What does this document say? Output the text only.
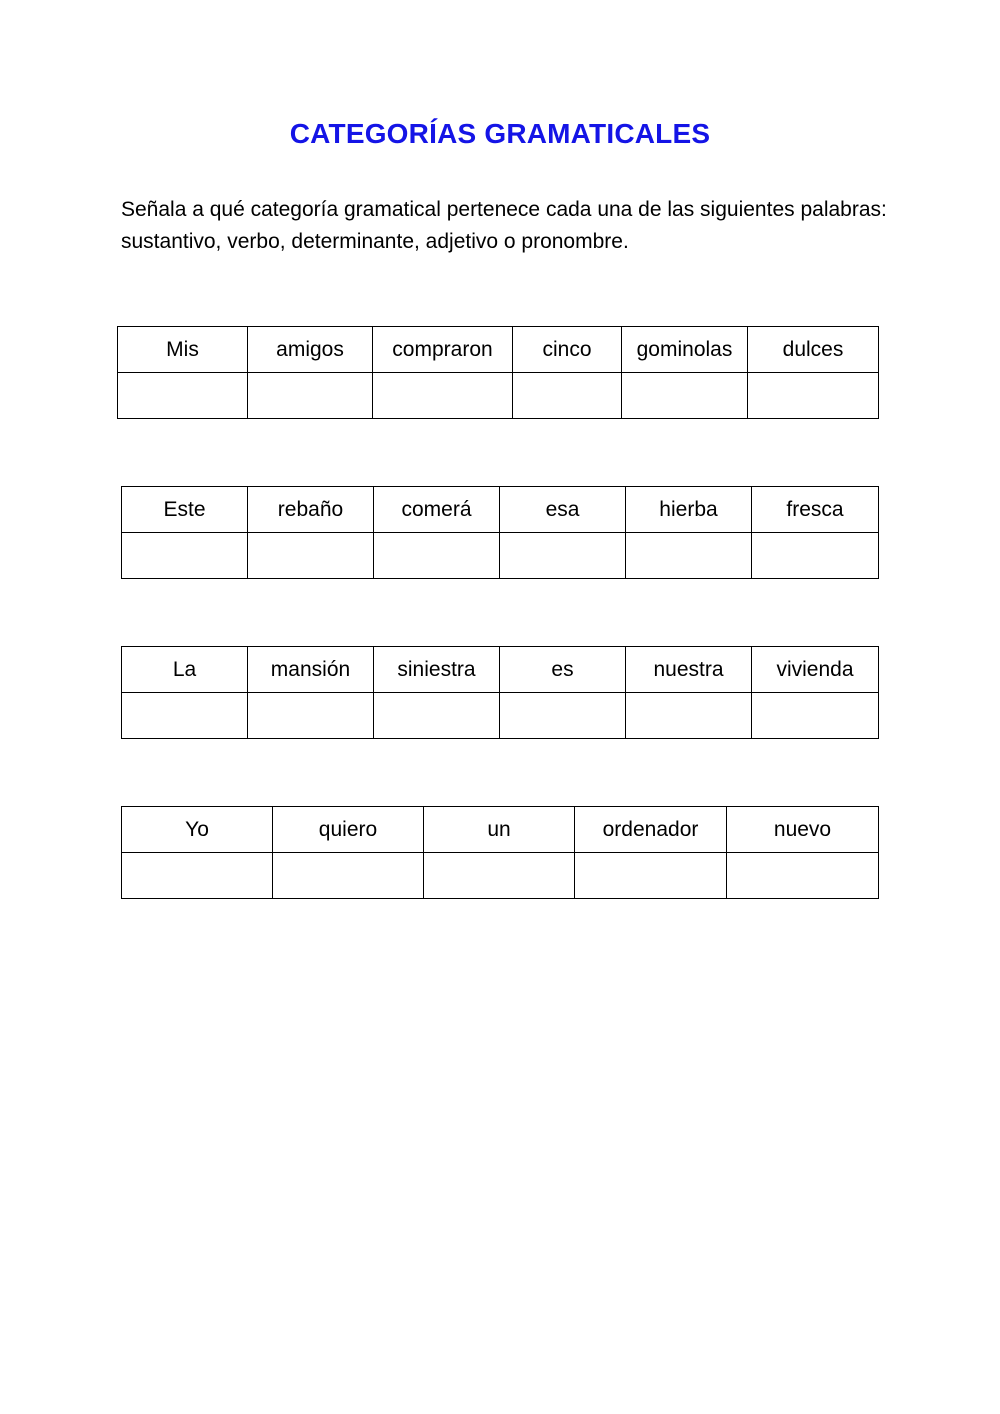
CATEGORÍAS GRAMATICALES

Señala a qué categoría gramatical pertenece cada una de las siguientes palabras: sustantivo, verbo, determinante, adjetivo o pronombre.

Mis	amigos	compraron	cinco	gominolas	dulces

Este	rebaño	comerá	esa	hierba	fresca

La	mansión	siniestra	es	nuestra	vivienda

Yo	quiero	un	ordenador	nuevo
